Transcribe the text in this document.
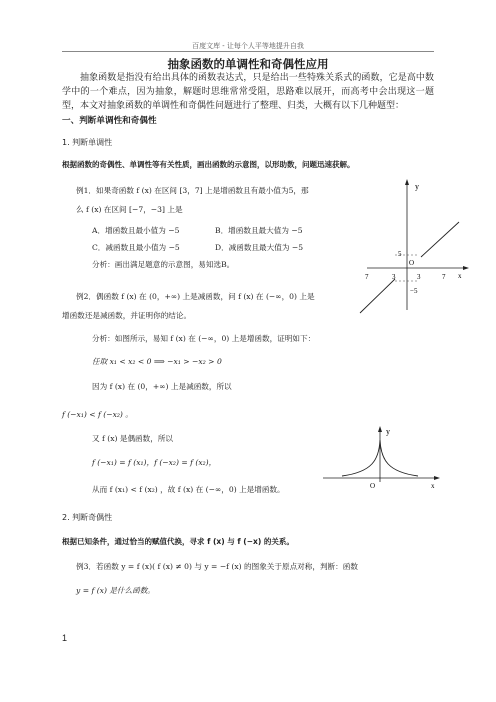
百度文库 - 让每个人平等地提升自我
抽象函数的单调性和奇偶性应用
抽象函数是指没有给出具体的函数表达式，只是给出一些特殊关系式的函数，它是高中数学中的一个难点，因为抽象，解题时思维常常受阻，思路难以展开，而高考中会出现这一题型，本文对抽象函数的单调性和奇偶性问题进行了整理、归类，大概有以下几种题型：
一、判断单调性和奇偶性
1. 判断单调性
根据函数的奇偶性、单调性等有关性质，画出函数的示意图，以形助数，问题迅速获解。
例1．如果奇函数 f (x) 在区间 [3，7] 上是增函数且有最小值为5，那
么 f (x) 在区间 [−7，−3] 上是
A．增函数且最小值为 −5	B．增函数且最大值为 −5
C．减函数且最小值为 −5	D．减函数且最大值为 −5
分析：画出满足题意的示意图，易知选B。
y
x
O
5
−5
7	3	3	7
例2．偶函数 f (x) 在 (0，+∞) 上是减函数，问 f (x) 在 (−∞，0) 上是
增函数还是减函数，并证明你的结论。
分析：如图所示，易知 f (x) 在 (−∞，0) 上是增函数，证明如下：
任取 x₁ < x₂ < 0 ⟹ −x₁ > −x₂ > 0
因为 f (x) 在 (0，+∞) 上是减函数，所以
f (−x₁) < f (−x₂) 。
又 f (x) 是偶函数，所以
f (−x₁) = f (x₁)，f (−x₂) = f (x₂)，
从而 f (x₁) < f (x₂) ，故 f (x) 在 (−∞，0) 上是增函数。
y
x
O
2. 判断奇偶性
根据已知条件，通过恰当的赋值代换，寻求 f (x) 与 f (−x) 的关系。
例3．若函数 y = f (x)( f (x) ≠ 0) 与 y = −f (x) 的图象关于原点对称，判断：函数
y = f (x) 是什么函数。
1
